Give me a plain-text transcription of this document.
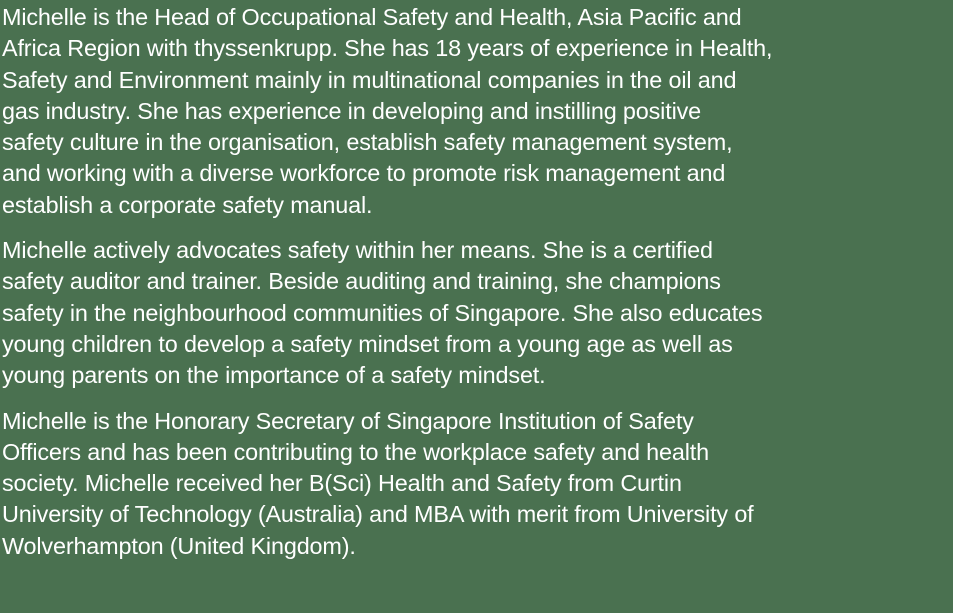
Michelle is the Head of Occupational Safety and Health, Asia Pacific and
Africa Region with thyssenkrupp. She has 18 years of experience in Health,
Safety and Environment mainly in multinational companies in the oil and
gas industry. She has experience in developing and instilling positive
safety culture in the organisation, establish safety management system,
and working with a diverse workforce to promote risk management and
establish a corporate safety manual.

Michelle actively advocates safety within her means. She is a certified
safety auditor and trainer. Beside auditing and training, she champions
safety in the neighbourhood communities of Singapore. She also educates
young children to develop a safety mindset from a young age as well as
young parents on the importance of a safety mindset.

Michelle is the Honorary Secretary of Singapore Institution of Safety
Officers and has been contributing to the workplace safety and health
society. Michelle received her B(Sci) Health and Safety from Curtin
University of Technology (Australia) and MBA with merit from University of
Wolverhampton (United Kingdom).
